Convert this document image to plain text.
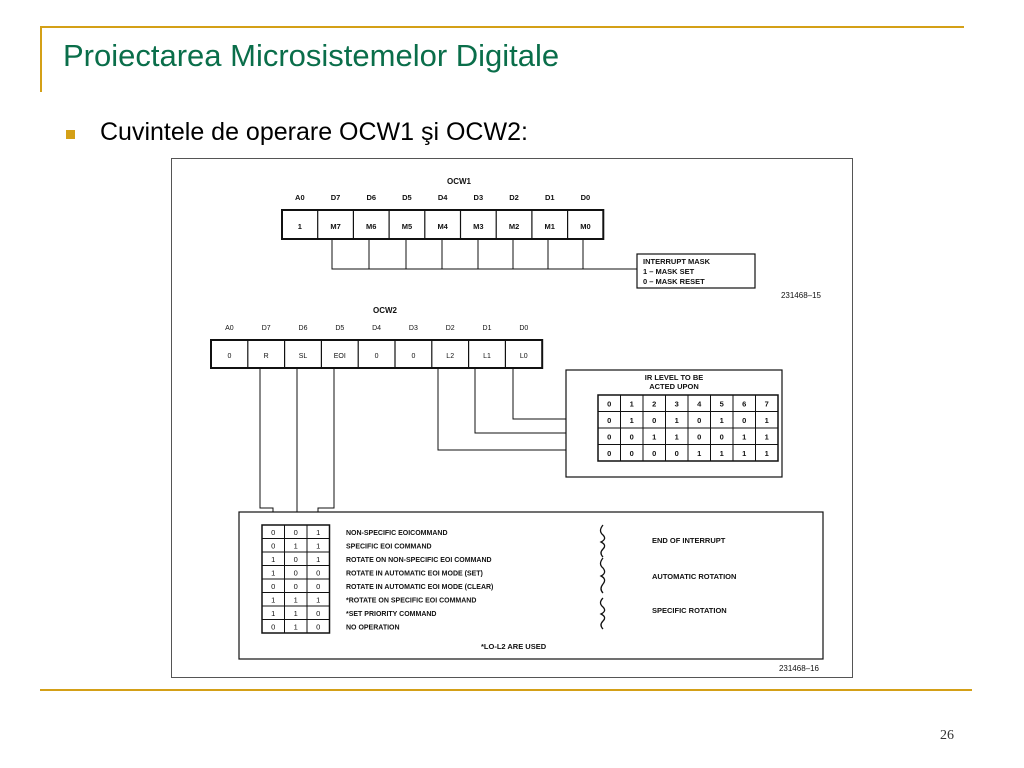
Proiectarea Microsistemelor Digitale
Cuvintele de operare OCW1 şi OCW2:
OCW1
A0	D7	D6	D5	D4	D3	D2	D1	D0
1	M7	M6	M5	M4	M3	M2	M1	M0
INTERRUPT MASK
1 – MASK SET
0 – MASK RESET
231468–15
OCW2
A0	D7	D6	D5	D4	D3	D2	D1	D0
0	R	SL	EOI	0	0	L2	L1	L0
IR LEVEL TO BE
ACTED UPON
0 1 2 3 4 5 6 7
0 1 0 1 0 1 0 1
0 0 1 1 0 0 1 1
0 0 0 0 1 1 1 1
0 0 1
0 1 1
1 0 1
1 0 0
0 0 0
1 1 1
1 1 0
0 1 0
NON-SPECIFIC EOICOMMAND
SPECIFIC EOI COMMAND
ROTATE ON NON-SPECIFIC EOI COMMAND
ROTATE IN AUTOMATIC EOI MODE (SET)
ROTATE IN AUTOMATIC EOI MODE (CLEAR)
*ROTATE ON SPECIFIC EOI COMMAND
*SET PRIORITY COMMAND
NO OPERATION
END OF INTERRUPT
AUTOMATIC ROTATION
SPECIFIC ROTATION
*LO-L2 ARE USED
231468–16
26
